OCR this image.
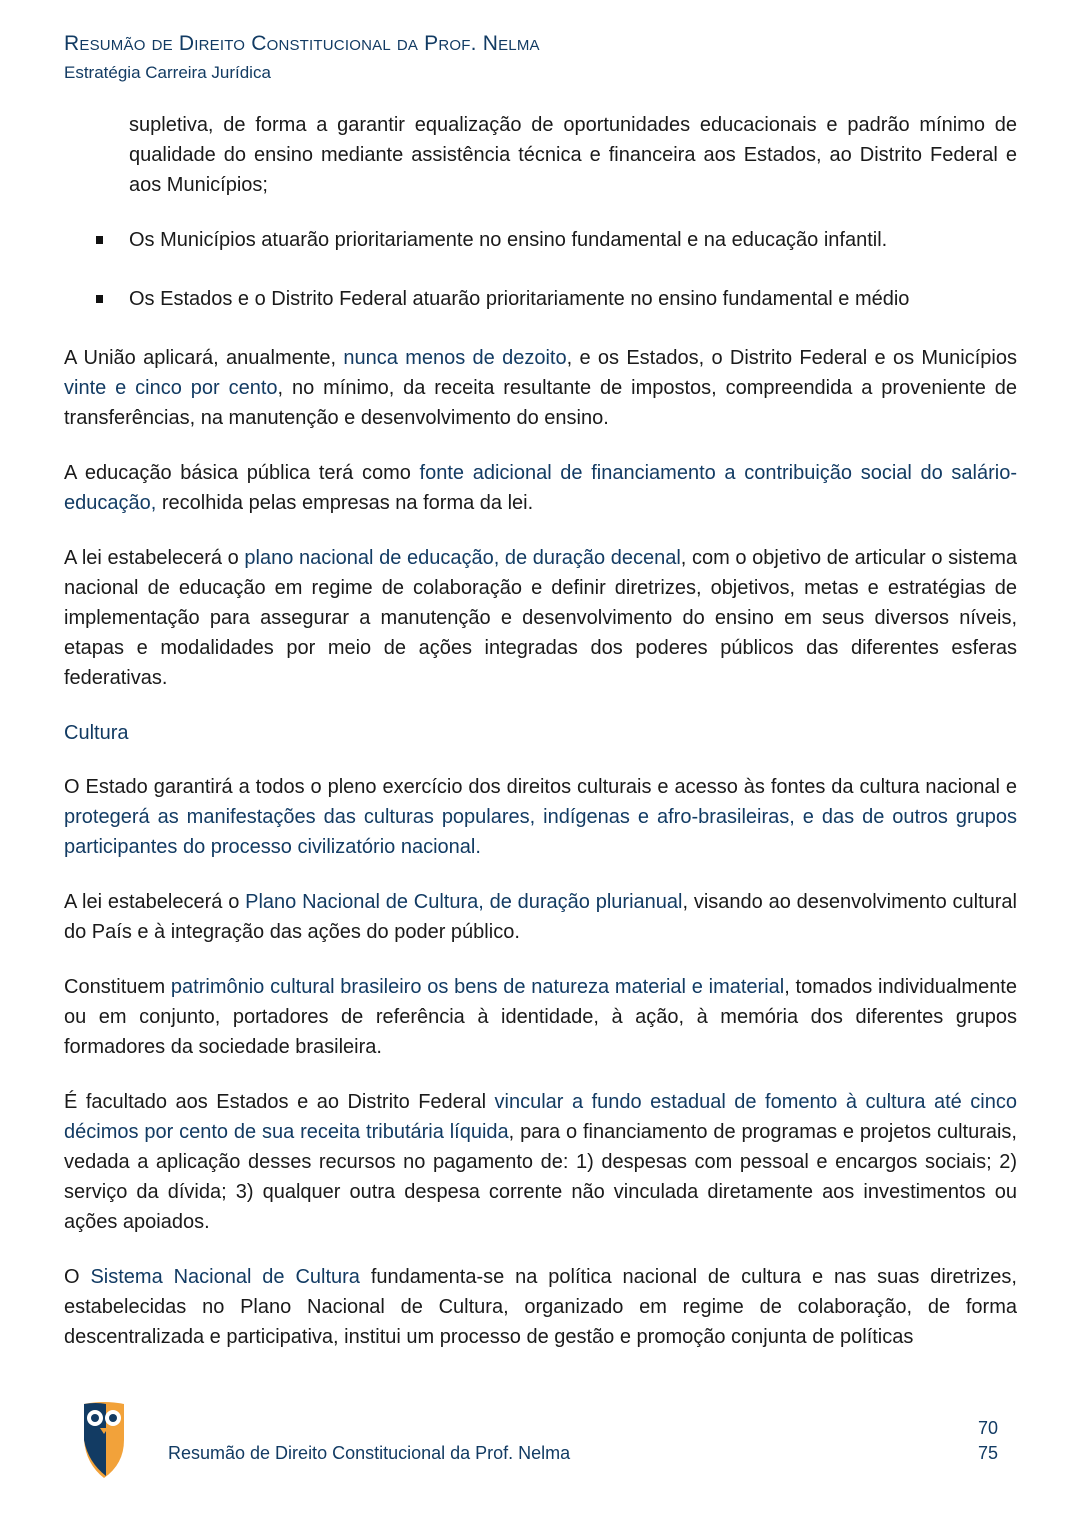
Resumão de Direito Constitucional da Prof. Nelma
Estratégia Carreira Jurídica

supletiva, de forma a garantir equalização de oportunidades educacionais e padrão mínimo de qualidade do ensino mediante assistência técnica e financeira aos Estados, ao Distrito Federal e aos Municípios;

Os Municípios atuarão prioritariamente no ensino fundamental e na educação infantil.
Os Estados e o Distrito Federal atuarão prioritariamente no ensino fundamental e médio

A União aplicará, anualmente, nunca menos de dezoito, e os Estados, o Distrito Federal e os Municípios vinte e cinco por cento, no mínimo, da receita resultante de impostos, compreendida a proveniente de transferências, na manutenção e desenvolvimento do ensino.

A educação básica pública terá como fonte adicional de financiamento a contribuição social do salário-educação, recolhida pelas empresas na forma da lei.

A lei estabelecerá o plano nacional de educação, de duração decenal, com o objetivo de articular o sistema nacional de educação em regime de colaboração e definir diretrizes, objetivos, metas e estratégias de implementação para assegurar a manutenção e desenvolvimento do ensino em seus diversos níveis, etapas e modalidades por meio de ações integradas dos poderes públicos das diferentes esferas federativas.

Cultura

O Estado garantirá a todos o pleno exercício dos direitos culturais e acesso às fontes da cultura nacional e protegerá as manifestações das culturas populares, indígenas e afro-brasileiras, e das de outros grupos participantes do processo civilizatório nacional.

A lei estabelecerá o Plano Nacional de Cultura, de duração plurianual, visando ao desenvolvimento cultural do País e à integração das ações do poder público.

Constituem patrimônio cultural brasileiro os bens de natureza material e imaterial, tomados individualmente ou em conjunto, portadores de referência à identidade, à ação, à memória dos diferentes grupos formadores da sociedade brasileira.

É facultado aos Estados e ao Distrito Federal vincular a fundo estadual de fomento à cultura até cinco décimos por cento de sua receita tributária líquida, para o financiamento de programas e projetos culturais, vedada a aplicação desses recursos no pagamento de: 1) despesas com pessoal e encargos sociais; 2) serviço da dívida; 3) qualquer outra despesa corrente não vinculada diretamente aos investimentos ou ações apoiados.

O Sistema Nacional de Cultura fundamenta-se na política nacional de cultura e nas suas diretrizes, estabelecidas no Plano Nacional de Cultura, organizado em regime de colaboração, de forma descentralizada e participativa, institui um processo de gestão e promoção conjunta de políticas

Resumão de Direito Constitucional da Prof. Nelma
70
75
